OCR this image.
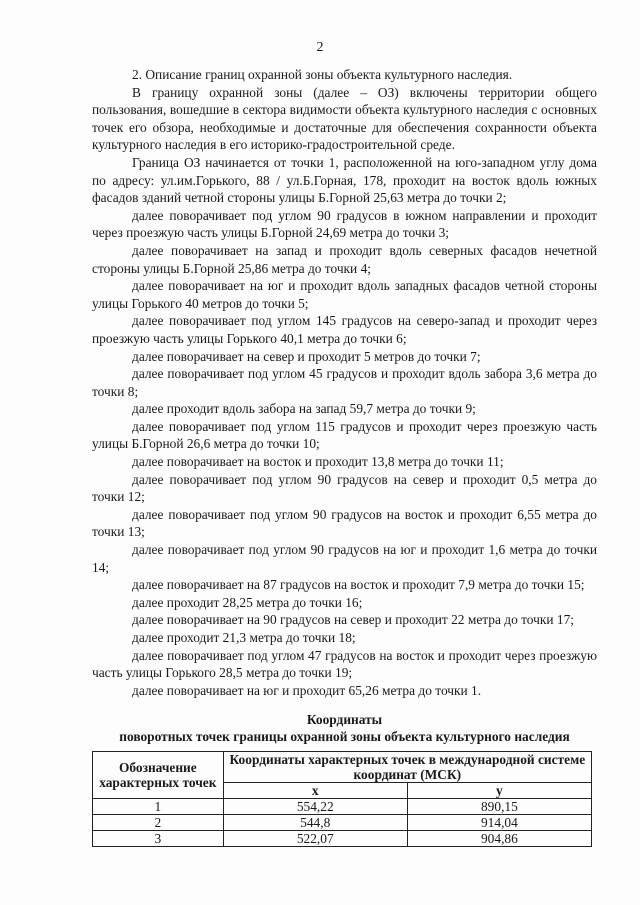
2

2. Описание границ охранной зоны объекта культурного наследия.

В границу охранной зоны (далее – ОЗ) включены территории общего пользования, вошедшие в сектора видимости объекта культурного наследия с основных точек его обзора, необходимые и достаточные для обеспечения сохранности объекта культурного наследия в его историко-градостроительной среде.

Граница ОЗ начинается от точки 1, расположенной на юго-западном углу дома по адресу: ул.им.Горького, 88 / ул.Б.Горная, 178, проходит на восток вдоль южных фасадов зданий четной стороны улицы Б.Горной 25,63 метра до точки 2;

далее поворачивает под углом 90 градусов в южном направлении и проходит через проезжую часть улицы Б.Горной 24,69 метра до точки 3;

далее поворачивает на запад и проходит вдоль северных фасадов нечетной стороны улицы Б.Горной 25,86 метра до точки 4;

далее поворачивает на юг и проходит вдоль западных фасадов четной стороны улицы Горького 40 метров до точки 5;

далее поворачивает под углом 145 градусов на северо-запад и проходит через проезжую часть улицы Горького 40,1 метра до точки 6;

далее поворачивает на север и проходит 5 метров до точки 7;

далее поворачивает под углом 45 градусов и проходит вдоль забора 3,6 метра до точки 8;

далее проходит вдоль забора на запад 59,7 метра до точки 9;

далее поворачивает под углом 115 градусов и проходит через проезжую часть улицы Б.Горной 26,6 метра до точки 10;

далее поворачивает на восток и проходит 13,8 метра до точки 11;

далее поворачивает под углом 90 градусов на север и проходит 0,5 метра до точки 12;

далее поворачивает под углом 90 градусов на восток и проходит 6,55 метра до точки 13;

далее поворачивает под углом 90 градусов на юг и проходит 1,6 метра до точки 14;

далее поворачивает на 87 градусов на восток и проходит 7,9 метра до точки 15;

далее проходит 28,25 метра до точки 16;

далее поворачивает на 90 градусов на север и проходит 22 метра до точки 17;

далее проходит 21,3 метра до точки 18;

далее поворачивает под углом 47 градусов на восток и проходит через проезжую часть улицы Горького 28,5 метра до точки 19;

далее поворачивает на юг и проходит 65,26 метра до точки 1.

Координаты
поворотных точек границы охранной зоны объекта культурного наследия
Обозначение характерных точек	Координаты характерных точек в международной системе координат (МСК)	
	x	y
1	554,22	890,15
2	544,8	914,04
3	522,07	904,86
